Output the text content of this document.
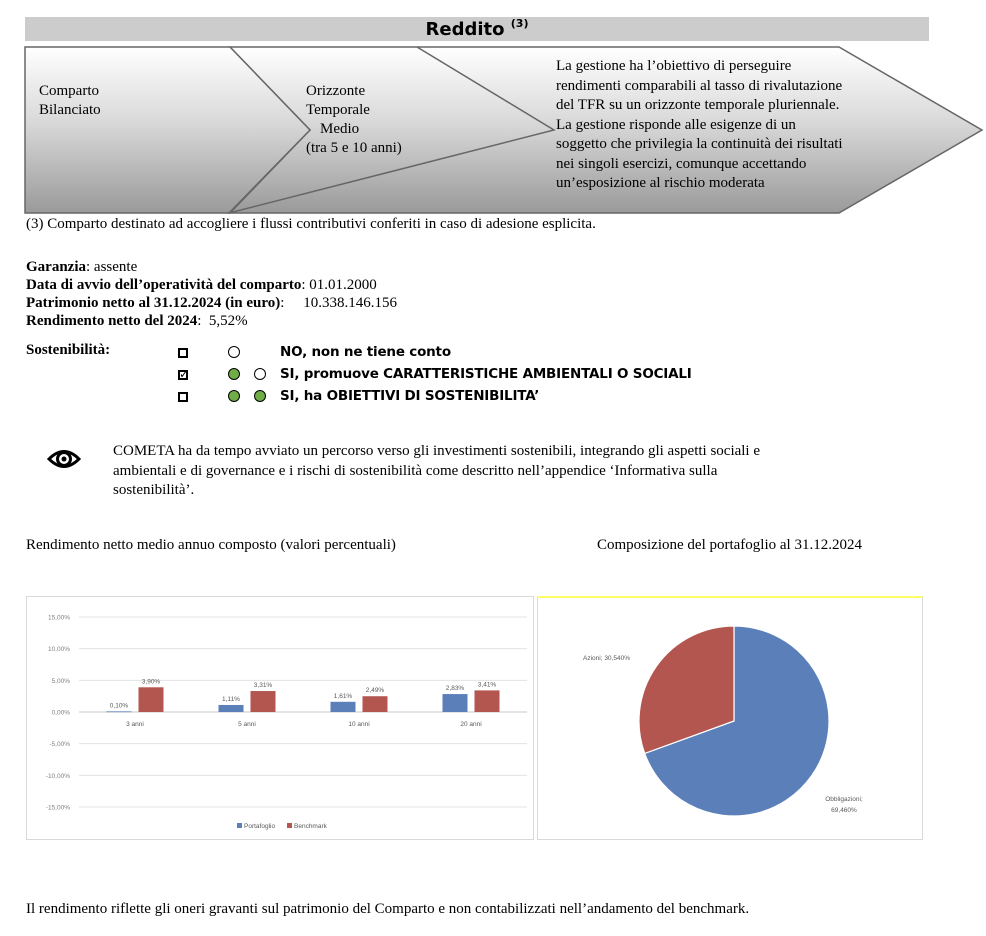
Reddito $^{(3)}$
Comparto
Bilanciato
Orizzonte
Temporale
Medio
(tra 5 e 10 anni)
La gestione ha l’obiettivo di perseguire
rendimenti comparabili al tasso di rivalutazione
del TFR su un orizzonte temporale pluriennale.
La gestione risponde alle esigenze di un
soggetto che privilegia la continuità dei risultati
nei singoli esercizi, comunque accettando
un’esposizione al rischio moderata
(3) Comparto destinato ad accogliere i flussi contributivi conferiti in caso di adesione esplicita.
Garanzia: assente
Data di avvio dell’operatività del comparto: 01.01.2000
Patrimonio netto al 31.12.2024 (in euro):     10.338.146.156
Rendimento netto del 2024:  5,52%
Sostenibilità:	NO, non ne tiene conto
✓
SI, promuove CARATTERISTICHE AMBIENTALI O SOCIALI
SI, ha OBIETTIVI DI SOSTENIBILITA’
COMETA ha da tempo avviato un percorso verso gli investimenti sostenibili, integrando gli aspetti sociali e
ambientali e di governance e i rischi di sostenibilità come descritto nell’appendice ‘Informativa sulla
sostenibilità’.
Rendimento netto medio annuo composto (valori percentuali)	Composizione del portafoglio al 31.12.2024
15,00%
10,00%
5,00%
0,00%
-5,00%
-10,00%
-15,00%
0,10%
3,90%
3 anni
1,11%
3,31%
5 anni
1,61%
2,49%
10 anni
2,83%
3,41%
20 anni
Portafoglio	Benchmark
Obbligazioni;
69,460%
Azioni; 30,540%
Il rendimento riflette gli oneri gravanti sul patrimonio del Comparto e non contabilizzati nell’andamento del benchmark.
